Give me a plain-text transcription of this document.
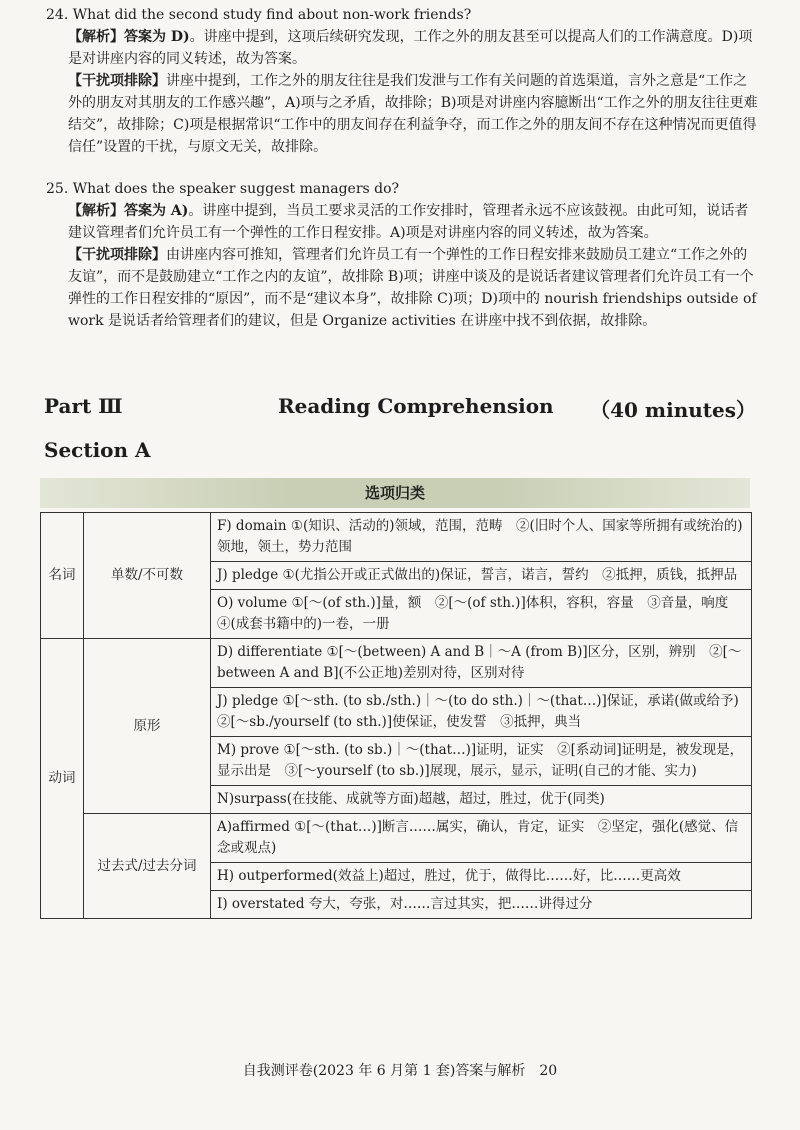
24. What did the second study find about non-work friends?
【解析】答案为 D)。讲座中提到，这项后续研究发现，工作之外的朋友甚至可以提高人们的工作满意度。D)项是对讲座内容的同义转述，故为答案。
【干扰项排除】讲座中提到，工作之外的朋友往往是我们发泄与工作有关问题的首选渠道，言外之意是“工作之外的朋友对其朋友的工作感兴趣”，A)项与之矛盾，故排除；B)项是对讲座内容臆断出“工作之外的朋友往往更难结交”，故排除；C)项是根据常识“工作中的朋友间存在利益争夺，而工作之外的朋友间不存在这种情况而更值得信任”设置的干扰，与原文无关，故排除。
25. What does the speaker suggest managers do?
【解析】答案为 A)。讲座中提到，当员工要求灵活的工作安排时，管理者永远不应该鼓视。由此可知，说话者建议管理者们允许员工有一个弹性的工作日程安排。A)项是对讲座内容的同义转述，故为答案。
【干扰项排除】由讲座内容可推知，管理者们允许员工有一个弹性的工作日程安排来鼓励员工建立“工作之外的友谊”，而不是鼓励建立“工作之内的友谊”，故排除 B)项；讲座中谈及的是说话者建议管理者们允许员工有一个弹性的工作日程安排的“原因”，而不是“建议本身”，故排除 C)项；D)项中的 nourish friendships outside of work 是说话者给管理者们的建议，但是 Organize activities 在讲座中找不到依据，故排除。
Part Ⅲ	Reading Comprehension （40 minutes）
Section A
选项归类
名词	单数/不可数	F) domain ①(知识、活动的)领域，范围，范畴　②(旧时个人、国家等所拥有或统治的)领地，领土，势力范围
		J) pledge ①(尤指公开或正式做出的)保证，誓言，诺言，誓约　②抵押，质钱，抵押品
		O) volume ①[～(of sth.)]量，额　②[～(of sth.)]体积，容积，容量　③音量，响度　④(成套书籍中的)一卷，一册
动词	原形	D) differentiate ①[～(between) A and B｜～A (from B)]区分，区别，辨别　②[～between A and B](不公正地)差别对待，区别对待
		J) pledge ①[～sth. (to sb./sth.)｜～(to do sth.)｜～(that…)]保证，承诺(做或给予)　②[～sb./yourself (to sth.)]使保证，使发誓　③抵押，典当
		M) prove ①[～sth. (to sb.)｜～(that…)]证明，证实　②[系动词]证明是，被发现是，显示出是　③[～yourself (to sb.)]展现，展示，显示，证明(自己的才能、实力)
		N)surpass(在技能、成就等方面)超越，超过，胜过，优于(同类)
	过去式/过去分词	A)affirmed ①[～(that…)]断言……属实，确认，肯定，证实　②坚定，强化(感觉、信念或观点)
		H) outperformed(效益上)超过，胜过，优于，做得比……好，比……更高效
		I) overstated 夸大，夸张，对……言过其实，把……讲得过分
自我测评卷(2023 年 6 月第 1 套)答案与解析　20
